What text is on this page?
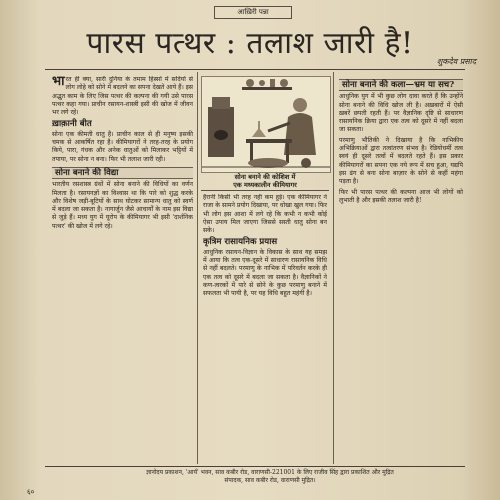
आख़िरी पन्ना
पारस पत्थर : तलाश जारी है!
शुकदेव प्रसाद

भा रत ही क्या, सारी दुनिया के तमाम हिस्सों में सदियों से लोग लोहे को सोने में बदलने का सपना देखते आये हैं। इस अद्भुत काम के लिए जिस पत्थर की कल्पना की गयी उसे पारस पत्थर कहा गया। प्राचीन रसायन-शास्त्री इसी की खोज में जीवन भर लगे रहे।

ख़ाक़ानी बीत

सोना एक कीमती धातु है। प्राचीन काल से ही मनुष्य इसकी चमक से आकर्षित रहा है। कीमियागरों ने तरह-तरह के प्रयोग किये, पारा, गंधक और अनेक धातुओं को मिलाकर भट्टियों में तपाया, पर सोना न बना। फिर भी तलाश जारी रही।

सोना बनाने की विद्या

भारतीय रसशास्त्र ग्रंथों में सोना बनाने की विधियों का वर्णन मिलता है। रसायनज्ञों का विश्वास था कि पारे को शुद्ध करके और विशेष जड़ी-बूटियों के साथ घोटकर सामान्य धातु को स्वर्ण में बदला जा सकता है। नागार्जुन जैसे आचार्यों के नाम इस विद्या से जुड़े हैं। मध्य युग में यूरोप के कीमियागर भी इसी 'दार्शनिक पत्थर' की खोज में लगे रहे।

सोना बनाने की कोशिश में
एक मध्यकालीन कीमियागर

हैरानी किसी भी तरह नहीं कम हुई। एक कीमियागर ने राजा के सामने प्रयोग दिखाया, पर धोखा खुल गया। फिर भी लोग इस आशा में लगे रहे कि कभी न कभी कोई ऐसा उपाय मिल जाएगा जिससे सस्ती धातु सोना बन सके।

कृत्रिम रासायनिक प्रयास

आधुनिक रसायन-विज्ञान के विकास के साथ यह समझ में आया कि तत्व एक-दूसरे में साधारण रासायनिक विधि से नहीं बदलते। परमाणु के नाभिक में परिवर्तन करके ही एक तत्व को दूसरे में बदला जा सकता है। वैज्ञानिकों ने कण-त्वरकों में पारे से सोने के कुछ परमाणु बनाने में सफलता भी पायी है, पर यह विधि बहुत महंगी है।

सोना बनाने की कला—भ्रम या सच?

आधुनिक युग में भी कुछ लोग दावा करते हैं कि उन्होंने सोना बनाने की विधि खोज ली है। अख़बारों में ऐसी ख़बरें छपती रहती हैं। पर वैज्ञानिक दृष्टि से साधारण रासायनिक क्रिया द्वारा एक तत्व को दूसरे में नहीं बदला जा सकता।

परमाणु भौतिकी ने दिखाया है कि नाभिकीय अभिक्रियाओं द्वारा तत्वांतरण संभव है। रेडियोधर्मी तत्व स्वयं ही दूसरे तत्वों में बदलते रहते हैं। इस प्रकार कीमियागरों का सपना एक नये रूप में सच हुआ, यद्यपि इस ढंग से बना सोना बाज़ार के सोने से कहीं महंगा पड़ता है।

फिर भी पारस पत्थर की कल्पना आज भी लोगों को लुभाती है और इसकी तलाश जारी है!

ज्ञानोदय प्रकाशन, 'आर्य' भवन, साव कबीर रोड, वाराणसी-221001 के लिए राजीव सिंह द्वारा प्रकाशित और मुद्रित
संपादक, साव कबीर रोड, वाराणसी मुद्रित।
६०
